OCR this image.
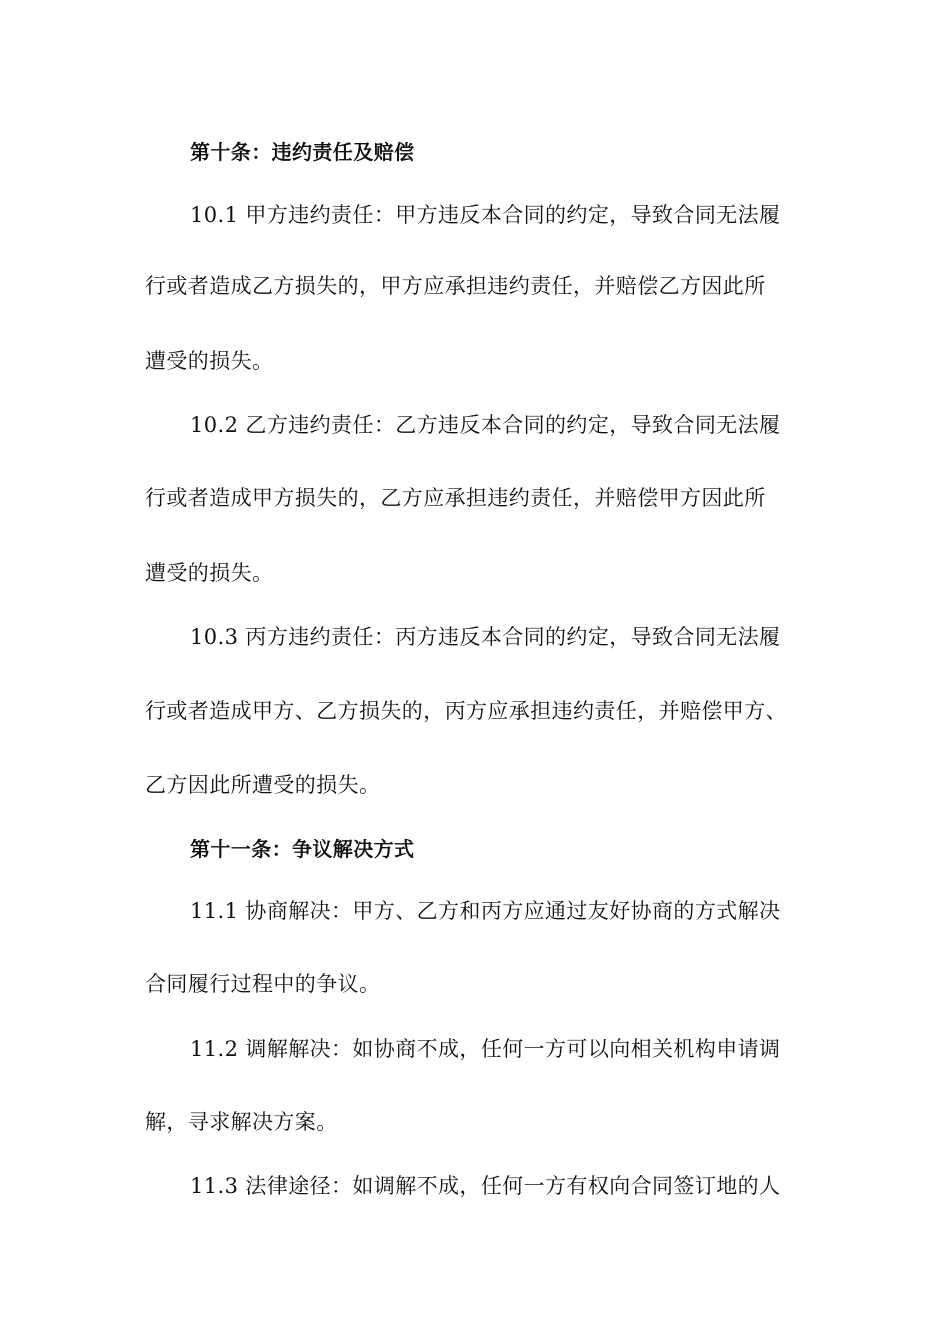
第十条：违约责任及赔偿
10.1 甲方违约责任：甲方违反本合同的约定，导致合同无法履
行或者造成乙方损失的，甲方应承担违约责任，并赔偿乙方因此所
遭受的损失。
10.2 乙方违约责任：乙方违反本合同的约定，导致合同无法履
行或者造成甲方损失的，乙方应承担违约责任，并赔偿甲方因此所
遭受的损失。
10.3 丙方违约责任：丙方违反本合同的约定，导致合同无法履
行或者造成甲方、乙方损失的，丙方应承担违约责任，并赔偿甲方、
乙方因此所遭受的损失。
第十一条：争议解决方式
11.1 协商解决：甲方、乙方和丙方应通过友好协商的方式解决
合同履行过程中的争议。
11.2 调解解决：如协商不成，任何一方可以向相关机构申请调
解，寻求解决方案。
11.3 法律途径：如调解不成，任何一方有权向合同签订地的人
